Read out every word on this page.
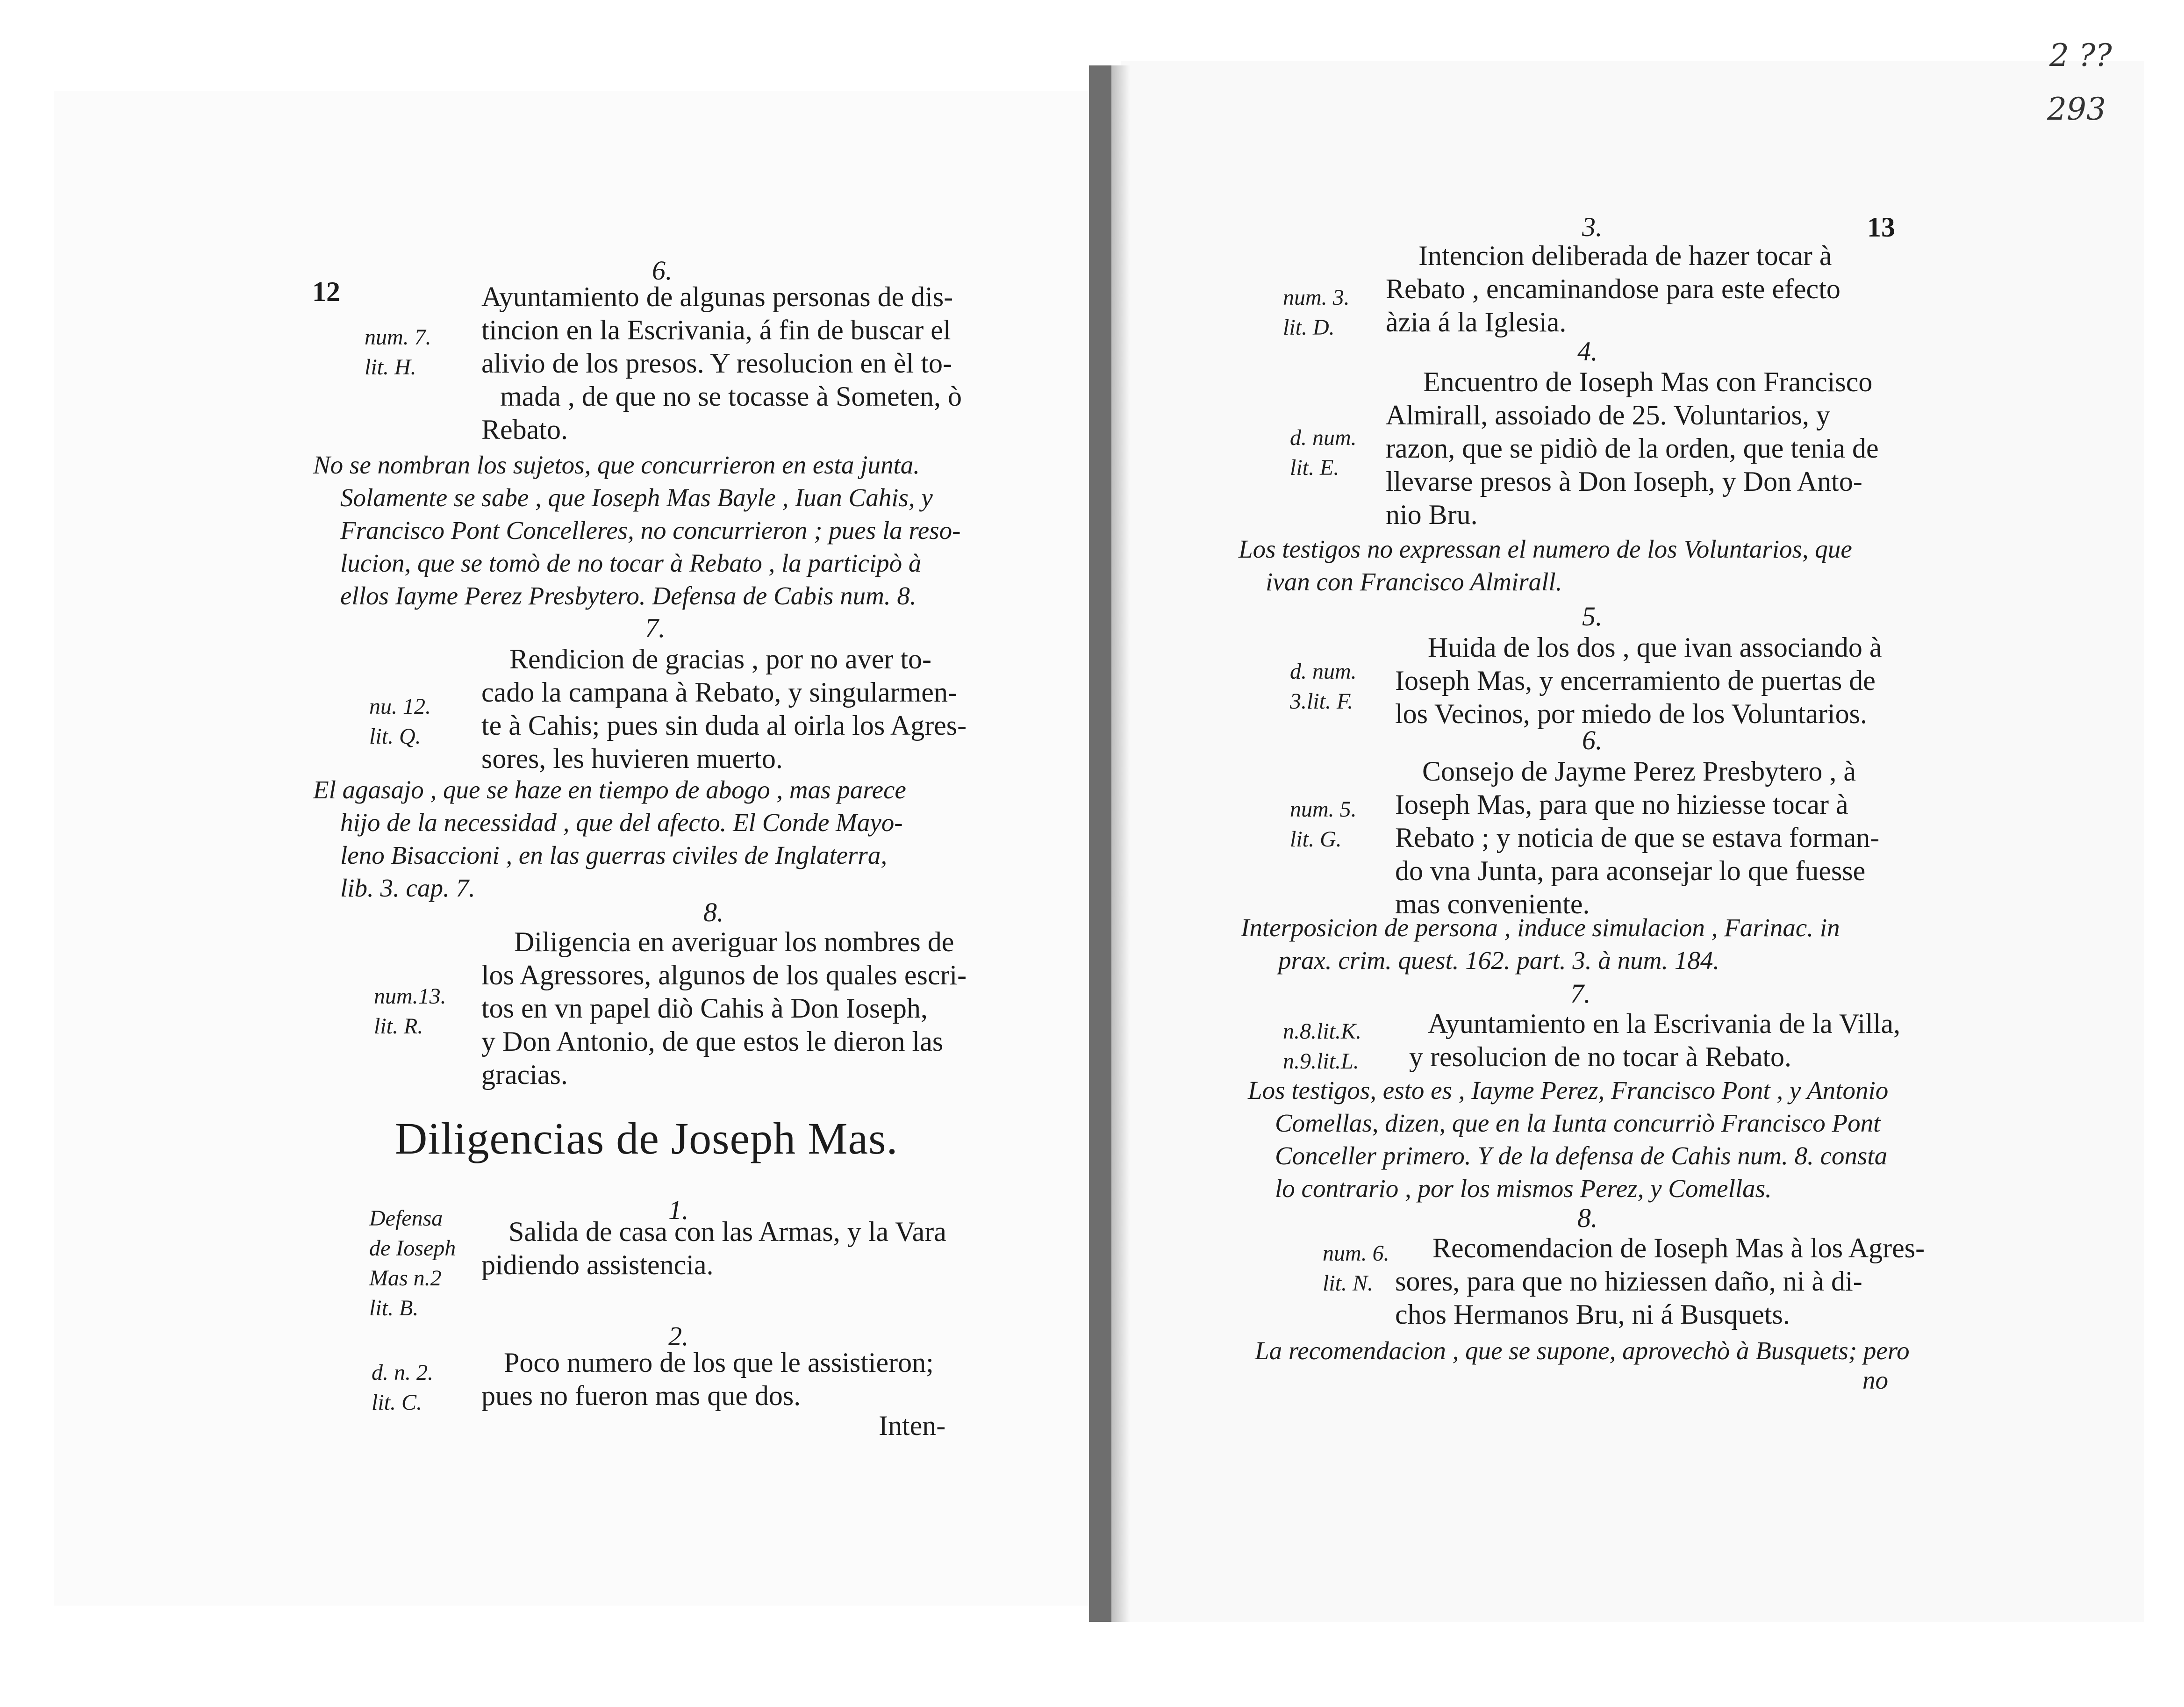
2 ??
293
12
6.
num. 7.
lit. H.
Ayuntamiento de algunas personas de dis-
tincion en la Escrivania, á fin de buscar el
alivio de los presos. Y resolucion en èl to-
mada , de que no se tocasse à Someten, ò
Rebato.
No se nombran los sujetos, que concurrieron en esta junta.
Solamente se sabe , que Ioseph Mas Bayle , Iuan Cahis, y
Francisco Pont Concelleres, no concurrieron ; pues la reso-
lucion, que se tomò de no tocar à Rebato , la participò à
ellos Iayme Perez Presbytero. Defensa de Cabis num. 8.
7.
nu. 12.
lit. Q.
Rendicion de gracias , por no aver to-
cado la campana à Rebato, y singularmen-
te à Cahis; pues sin duda al oirla los Agres-
sores, les huvieren muerto.
El agasajo , que se haze en tiempo de abogo , mas parece
hijo de la necessidad , que del afecto. El Conde Mayo-
leno Bisaccioni , en las guerras civiles de Inglaterra,
lib. 3. cap. 7.
8.
num.13.
lit. R.
Diligencia en averiguar los nombres de
los Agressores, algunos de los quales escri-
tos en vn papel diò Cahis à Don Ioseph,
y Don Antonio, de que estos le dieron las
gracias.
Diligencias de Joseph Mas.
1.
Defensa
de Ioseph
Mas n.2
lit. B.
Salida de casa con las Armas, y la Vara
pidiendo assistencia.
2.
d. n. 2.
lit. C.
Poco numero de los que le assistieron;
pues no fueron mas que dos.
Inten-
13
3.
num. 3.
lit. D.
Intencion deliberada de hazer tocar à
Rebato , encaminandose para este efecto
àzia á la Iglesia.
4.
d. num.
lit. E.
Encuentro de Ioseph Mas con Francisco
Almirall, assoiado de 25. Voluntarios, y
razon, que se pidiò de la orden, que tenia de
llevarse presos à Don Ioseph, y Don Anto-
nio Bru.
Los testigos no expressan el numero de los Voluntarios, que
ivan con Francisco Almirall.
5.
d. num.
3.lit. F.
Huida de los dos , que ivan associando à
Ioseph Mas, y encerramiento de puertas de
los Vecinos, por miedo de los Voluntarios.
6.
num. 5.
lit. G.
Consejo de Jayme Perez Presbytero , à
Ioseph Mas, para que no hiziesse tocar à
Rebato ; y noticia de que se estava forman-
do vna Junta, para aconsejar lo que fuesse
mas conveniente.
Interposicion de persona , induce simulacion , Farinac. in
prax. crim. quest. 162. part. 3. à num. 184.
7.
n.8.lit.K.
n.9.lit.L.
Ayuntamiento en la Escrivania de la Villa,
y resolucion de no tocar à Rebato.
Los testigos, esto es , Iayme Perez, Francisco Pont , y Antonio
Comellas, dizen, que en la Iunta concurriò Francisco Pont
Conceller primero. Y de la defensa de Cahis num. 8. consta
lo contrario , por los mismos Perez, y Comellas.
8.
num. 6.
lit. N.
Recomendacion de Ioseph Mas à los Agres-
sores, para que no hiziessen daño, ni à di-
chos Hermanos Bru, ni á Busquets.
La recomendacion , que se supone, aprovechò à Busquets; pero
no
